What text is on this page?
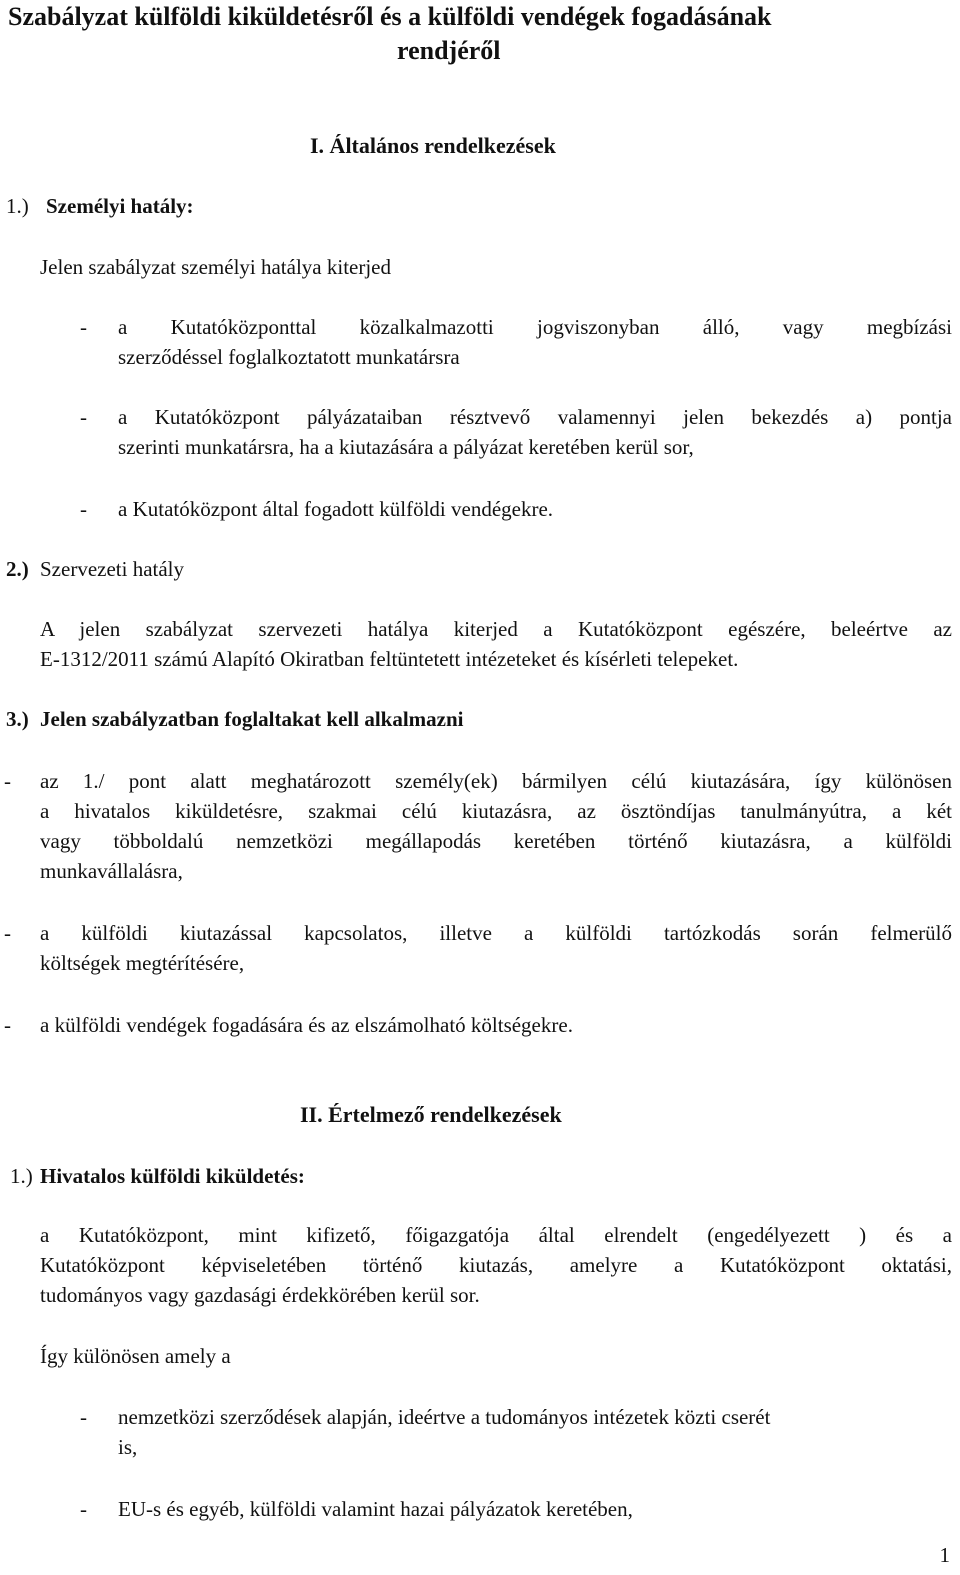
Szabályzat külföldi kiküldetésről és a külföldi vendégek fogadásának
rendjéről
I. Általános rendelkezések
1.) Személyi hatály:
Jelen szabályzat személyi hatálya kiterjed
- a Kutatóközponttal közalkalmazotti jogviszonyban álló, vagy megbízási
szerződéssel foglalkoztatott munkatársra
- a Kutatóközpont pályázataiban résztvevő valamennyi jelen bekezdés a) pontja
szerinti munkatársra, ha a kiutazására a pályázat keretében kerül sor,
- a Kutatóközpont által fogadott külföldi vendégekre.
2.) Szervezeti hatály
A jelen szabályzat szervezeti hatálya kiterjed a Kutatóközpont egészére, beleértve az
E-1312/2011 számú Alapító Okiratban feltüntetett intézeteket és kísérleti telepeket.
3.) Jelen szabályzatban foglaltakat kell alkalmazni
- az 1./ pont alatt meghatározott személy(ek) bármilyen célú kiutazására, így különösen
a hivatalos kiküldetésre, szakmai célú kiutazásra, az ösztöndíjas tanulmányútra, a két
vagy többoldalú nemzetközi megállapodás keretében történő kiutazásra, a külföldi
munkavállalásra,
- a külföldi kiutazással kapcsolatos, illetve a külföldi tartózkodás során felmerülő
költségek megtérítésére,
- a külföldi vendégek fogadására és az elszámolható költségekre.
II. Értelmező rendelkezések
1.) Hivatalos külföldi kiküldetés:
a Kutatóközpont, mint kifizető, főigazgatója által elrendelt (engedélyezett ) és a
Kutatóközpont képviseletében történő kiutazás, amelyre a Kutatóközpont oktatási,
tudományos vagy gazdasági érdekkörében kerül sor.
Így különösen amely a
- nemzetközi szerződések alapján, ideértve a tudományos intézetek közti cserét
is,
- EU-s és egyéb, külföldi valamint hazai pályázatok keretében,
1
